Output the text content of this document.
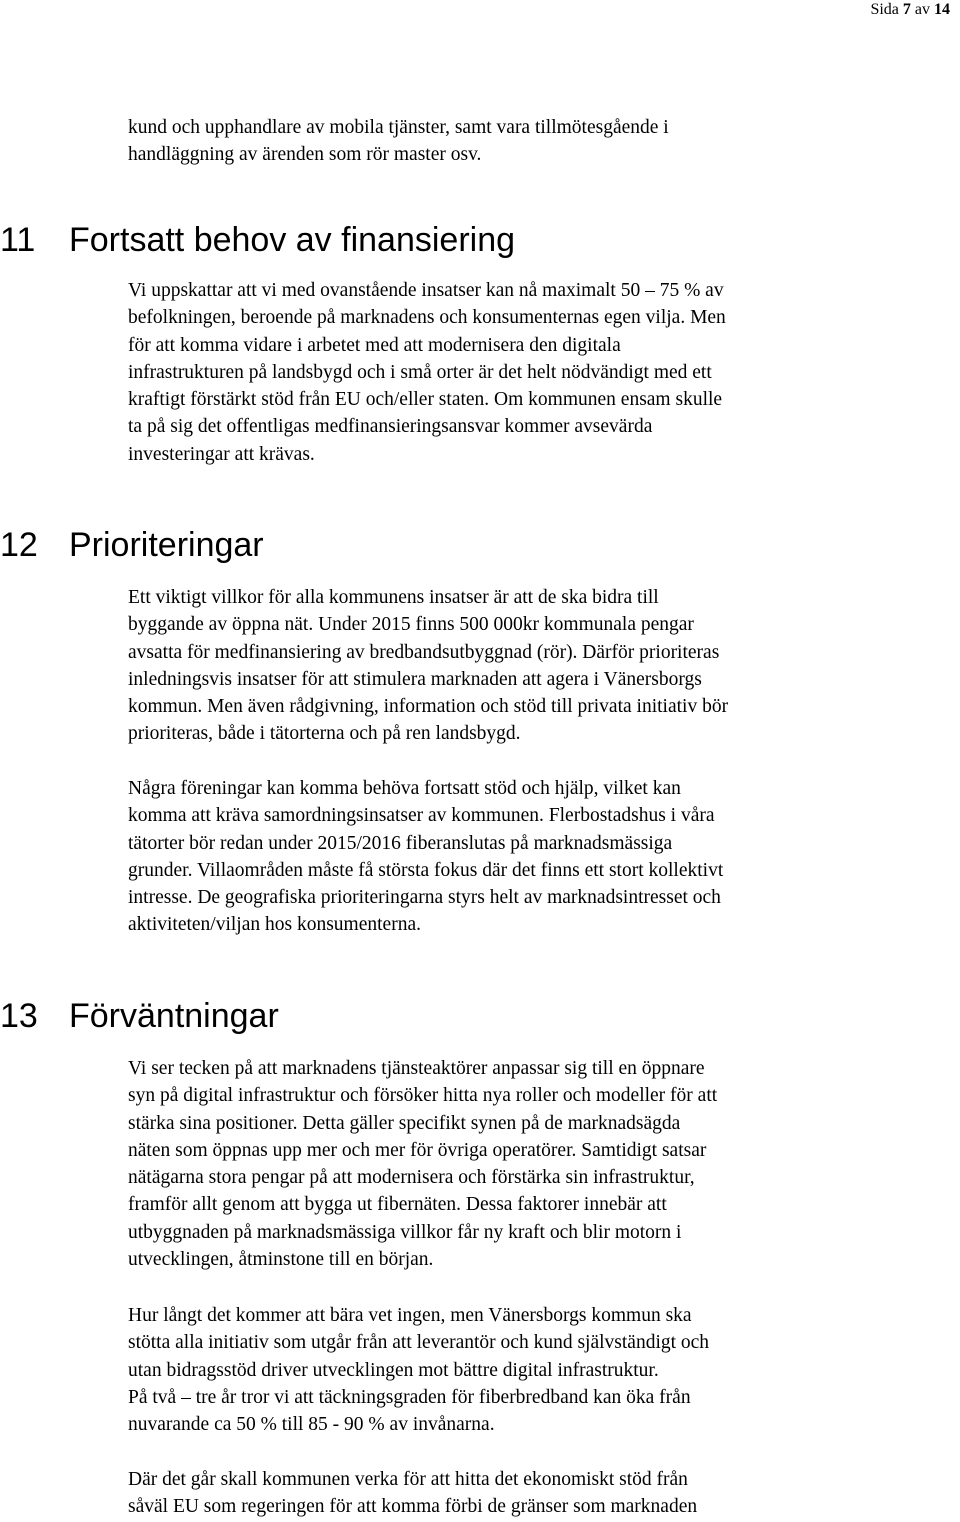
Sida 7 av 14

kund och upphandlare av mobila tjänster, samt vara tillmötesgående i
handläggning av ärenden som rör master osv.

11 Fortsatt behov av finansiering

Vi uppskattar att vi med ovanstående insatser kan nå maximalt 50 – 75 % av
befolkningen, beroende på marknadens och konsumenternas egen vilja. Men
för att komma vidare i arbetet med att modernisera den digitala
infrastrukturen på landsbygd och i små orter är det helt nödvändigt med ett
kraftigt förstärkt stöd från EU och/eller staten. Om kommunen ensam skulle
ta på sig det offentligas medfinansieringsansvar kommer avsevärda
investeringar att krävas.

12 Prioriteringar

Ett viktigt villkor för alla kommunens insatser är att de ska bidra till
byggande av öppna nät. Under 2015 finns 500 000kr kommunala pengar
avsatta för medfinansiering av bredbandsutbyggnad (rör). Därför prioriteras
inledningsvis insatser för att stimulera marknaden att agera i Vänersborgs
kommun. Men även rådgivning, information och stöd till privata initiativ bör
prioriteras, både i tätorterna och på ren landsbygd.

Några föreningar kan komma behöva fortsatt stöd och hjälp, vilket kan
komma att kräva samordningsinsatser av kommunen. Flerbostadshus i våra
tätorter bör redan under 2015/2016 fiberanslutas på marknadsmässiga
grunder. Villaområden måste få största fokus där det finns ett stort kollektivt
intresse. De geografiska prioriteringarna styrs helt av marknadsintresset och
aktiviteten/viljan hos konsumenterna.

13 Förväntningar

Vi ser tecken på att marknadens tjänsteaktörer anpassar sig till en öppnare
syn på digital infrastruktur och försöker hitta nya roller och modeller för att
stärka sina positioner. Detta gäller specifikt synen på de marknadsägda
näten som öppnas upp mer och mer för övriga operatörer. Samtidigt satsar
nätägarna stora pengar på att modernisera och förstärka sin infrastruktur,
framför allt genom att bygga ut fibernäten. Dessa faktorer innebär att
utbyggnaden på marknadsmässiga villkor får ny kraft och blir motorn i
utvecklingen, åtminstone till en början.

Hur långt det kommer att bära vet ingen, men Vänersborgs kommun ska
stötta alla initiativ som utgår från att leverantör och kund självständigt och
utan bidragsstöd driver utvecklingen mot bättre digital infrastruktur.
På två – tre år tror vi att täckningsgraden för fiberbredband kan öka från
nuvarande ca 50 % till 85 - 90 % av invånarna.

Där det går skall kommunen verka för att hitta det ekonomiskt stöd från
såväl EU som regeringen för att komma förbi de gränser som marknaden
